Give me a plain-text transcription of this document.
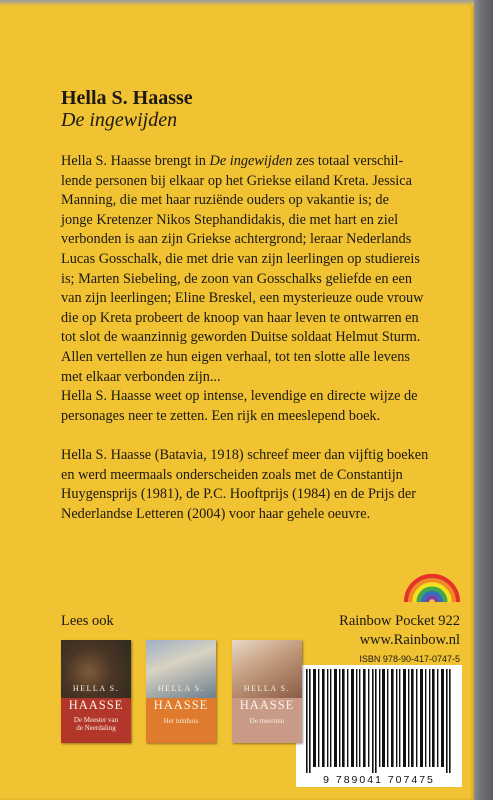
Hella S. Haasse
De ingewijden

Hella S. Haasse brengt in De ingewijden zes totaal verschil-
lende personen bij elkaar op het Griekse eiland Kreta. Jessica
Manning, die met haar ruziënde ouders op vakantie is; de
jonge Kretenzer Nikos Stephandidakis, die met hart en ziel
verbonden is aan zijn Griekse achtergrond; leraar Nederlands
Lucas Gosschalk, die met drie van zijn leerlingen op studiereis
is; Marten Siebeling, de zoon van Gosschalks geliefde en een
van zijn leerlingen; Eline Breskel, een mysterieuze oude vrouw
die op Kreta probeert de knoop van haar leven te ontwarren en
tot slot de waanzinnig geworden Duitse soldaat Helmut Sturm.
Allen vertellen ze hun eigen verhaal, tot ten slotte alle levens
met elkaar verbonden zijn...
Hella S. Haasse weet op intense, levendige en directe wijze de
personages neer te zetten. Een rijk en meeslepend boek.

Hella S. Haasse (Batavia, 1918) schreef meer dan vijftig boeken
en werd meermaals onderscheiden zoals met de Constantijn
Huygensprijs (1981), de P.C. Hooftprijs (1984) en de Prijs der
Nederlandse Letteren (2004) voor haar gehele oeuvre.

Lees ook	Rainbow Pocket 922
www.Rainbow.nl
ISBN 978-90-417-0747-5
9 789041 707475
HELLA S.
HAASSE
De Meester van
de Neerdaling
HELLA S.
HAASSE
Het tuinhuis
HELLA S.
HAASSE
De meermin
